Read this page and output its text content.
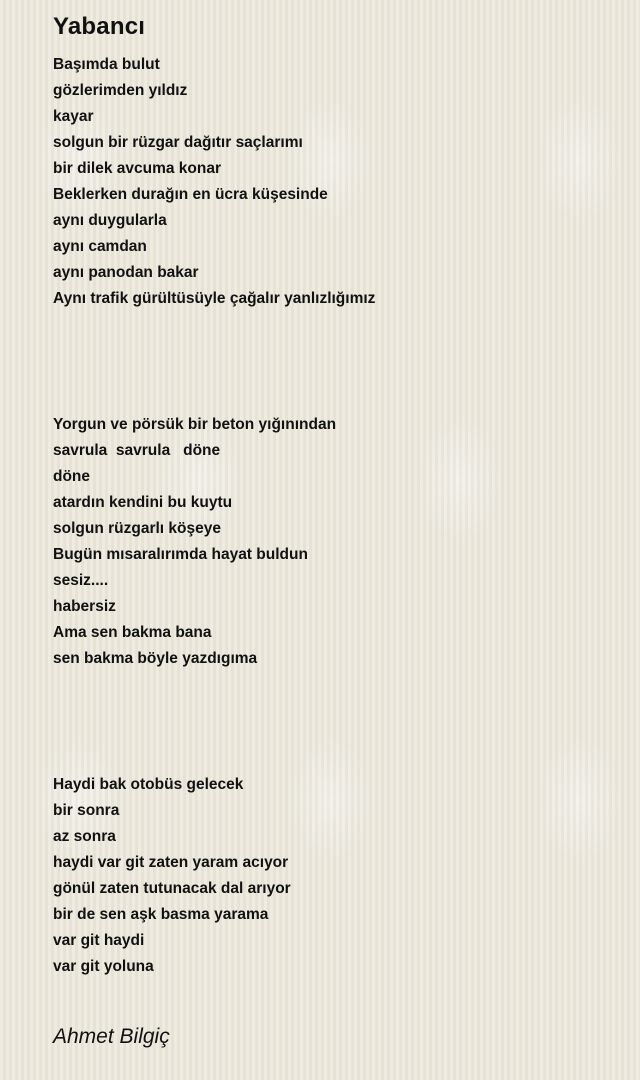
Yabancı
Başımda bulut
gözlerimden yıldız
kayar
solgun bir rüzgar dağıtır saçlarımı
bir dilek avcuma konar
Beklerken durağın en ücra küşesinde
aynı duygularla
aynı camdan
aynı panodan bakar
Aynı trafik gürültüsüyle çağalır yanlızlığımız
Yorgun ve pörsük bir beton yığınından
savrula  savrula   döne
döne
atardın kendini bu kuytu
solgun rüzgarlı köşeye
Bugün mısaralırımda hayat buldun
sesiz....
habersiz
Ama sen bakma bana
sen bakma böyle yazdıgıma
Haydi bak otobüs gelecek
bir sonra
az sonra
haydi var git zaten yaram acıyor
gönül zaten tutunacak dal arıyor
bir de sen aşk basma yarama
var git haydi
var git yoluna
Ahmet Bilgiç
